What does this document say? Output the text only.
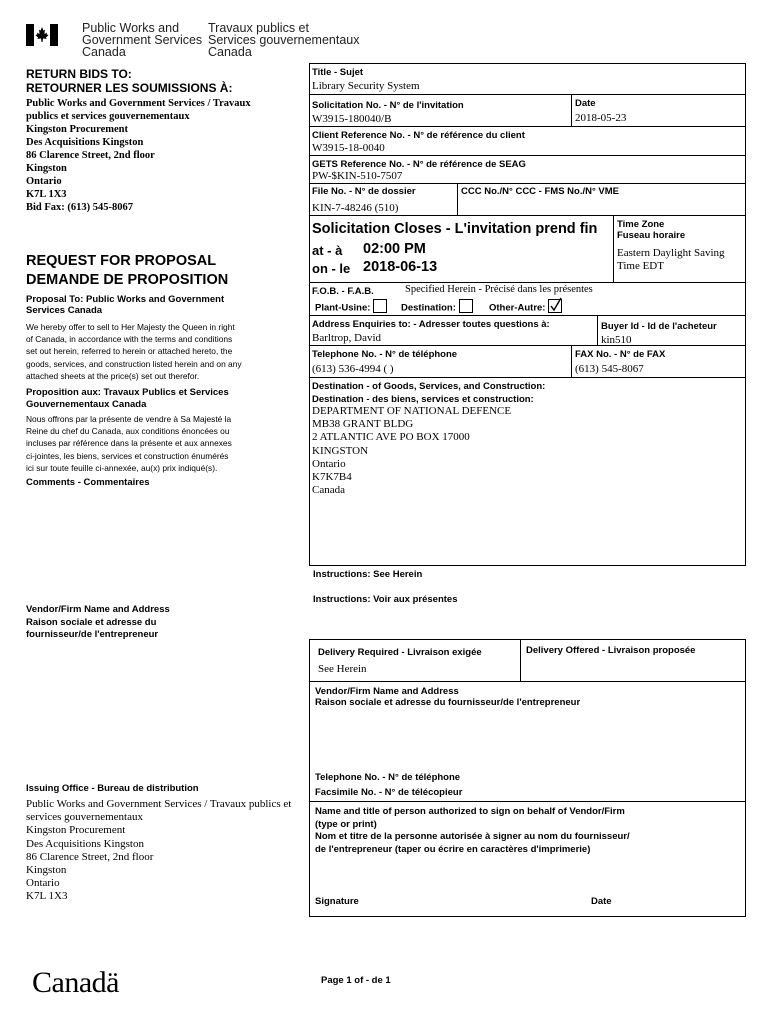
Public Works and
Government Services
Canada
Travaux publics et
Services gouvernementaux
Canada
RETURN BIDS TO:
RETOURNER LES SOUMISSIONS À:
Public Works and Government Services / Travaux
publics et services gouvernementaux
Kingston Procurement
Des Acquisitions Kingston
86 Clarence Street, 2nd floor
Kingston
Ontario
K7L 1X3
Bid Fax: (613) 545-8067
REQUEST FOR PROPOSAL
DEMANDE DE PROPOSITION
Proposal To: Public Works and Government
Services Canada
We hereby offer to sell to Her Majesty the Queen in right
of Canada, in accordance with the terms and conditions
set out herein, referred to herein or attached hereto, the
goods, services, and construction listed herein and on any
attached sheets at the price(s) set out therefor.
Proposition aux: Travaux Publics et Services
Gouvernementaux Canada
Nous offrons par la présente de vendre à Sa Majesté la
Reine du chef du Canada, aux conditions énoncées ou
incluses par référence dans la présente et aux annexes
ci-jointes, les biens, services et construction énumérés
ici sur toute feuille ci-annexée, au(x) prix indiqué(s).
Comments - Commentaires
Vendor/Firm Name and Address
Raison sociale et adresse du
fournisseur/de l'entrepreneur
Issuing Office - Bureau de distribution
Public Works and Government Services / Travaux publics et
services gouvernementaux
Kingston Procurement
Des Acquisitions Kingston
86 Clarence Street, 2nd floor
Kingston
Ontario
K7L 1X3
Title - Sujet
Library Security System
Solicitation No. - N° de l'invitation
W3915-180040/B
Date
2018-05-23
Client Reference No. - N° de référence du client
W3915-18-0040
GETS Reference No. - N° de référence de SEAG
PW-$KIN-510-7507
File No. - N° de dossier
KIN-7-48246 (510)
CCC No./N° CCC - FMS No./N° VME
Solicitation Closes - L'invitation prend fin
at - à 02:00 PM
on - le 2018-06-13
Time Zone
Fuseau horaire
Eastern Daylight Saving
Time EDT
F.O.B. - F.A.B.	Specified Herein - Précisé dans les présentes
Plant-Usine:	Destination:	Other-Autre:
Address Enquiries to: - Adresser toutes questions à:
Barltrop, David
Buyer Id - Id de l'acheteur
kin510
Telephone No. - N° de téléphone
(613) 536-4994 ( )
FAX No. - N° de FAX
(613) 545-8067
Destination - of Goods, Services, and Construction:
Destination - des biens, services et construction:
DEPARTMENT OF NATIONAL DEFENCE
MB38 GRANT BLDG
2 ATLANTIC AVE PO BOX 17000
KINGSTON
Ontario
K7K7B4
Canada
Instructions: See Herein
Instructions: Voir aux présentes
Delivery Required - Livraison exigée
See Herein
Delivery Offered - Livraison proposée
Vendor/Firm Name and Address
Raison sociale et adresse du fournisseur/de l'entrepreneur
Telephone No. - N° de téléphone
Facsimile No. - N° de télécopieur
Name and title of person authorized to sign on behalf of Vendor/Firm
(type or print)
Nom et titre de la personne autorisée à signer au nom du fournisseur/
de l'entrepreneur (taper ou écrire en caractères d'imprimerie)
Signature	Date
Canadä	Page 1 of - de 1
